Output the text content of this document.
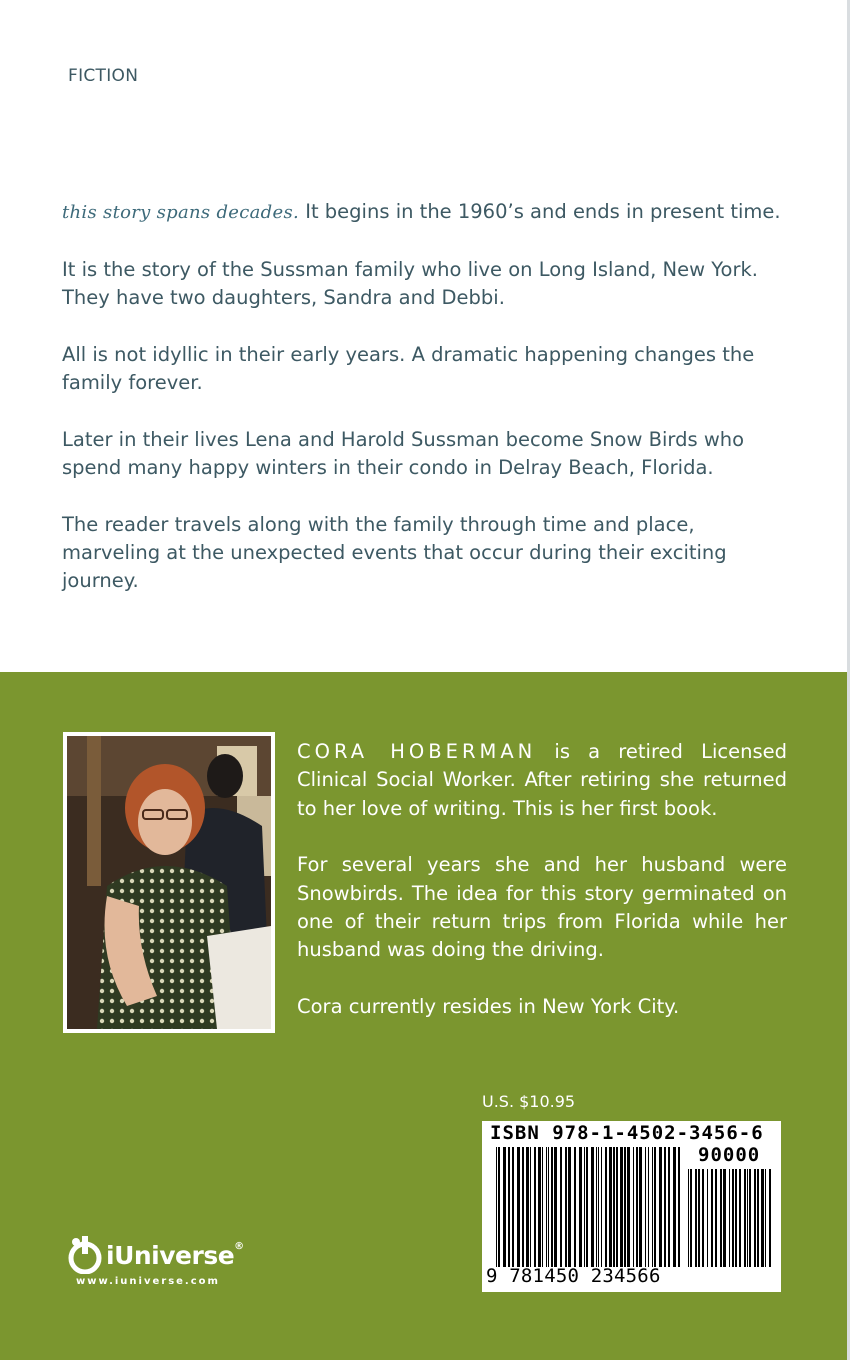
FICTION

this story spans decades. It begins in the 1960’s and ends in present time.

It is the story of the Sussman family who live on Long Island, New York. They have two daughters, Sandra and Debbi.

All is not idyllic in their early years. A dramatic happening changes the family forever.

Later in their lives Lena and Harold Sussman become Snow Birds who spend many happy winters in their condo in Delray Beach, Florida.

The reader travels along with the family through time and place, marveling at the unexpected events that occur during their exciting journey.

CORA HOBERMAN is a retired Licensed Clinical Social Worker. After retiring she returned to her love of writing. This is her first book.

For several years she and her husband were Snowbirds. The idea for this story germinated on one of their return trips from Florida while her husband was doing the driving.

Cora currently resides in New York City.

U.S. $10.95
ISBN 978-1-4502-3456-6
90000
9 781450 234566
iUniverse®
www.iuniverse.com
